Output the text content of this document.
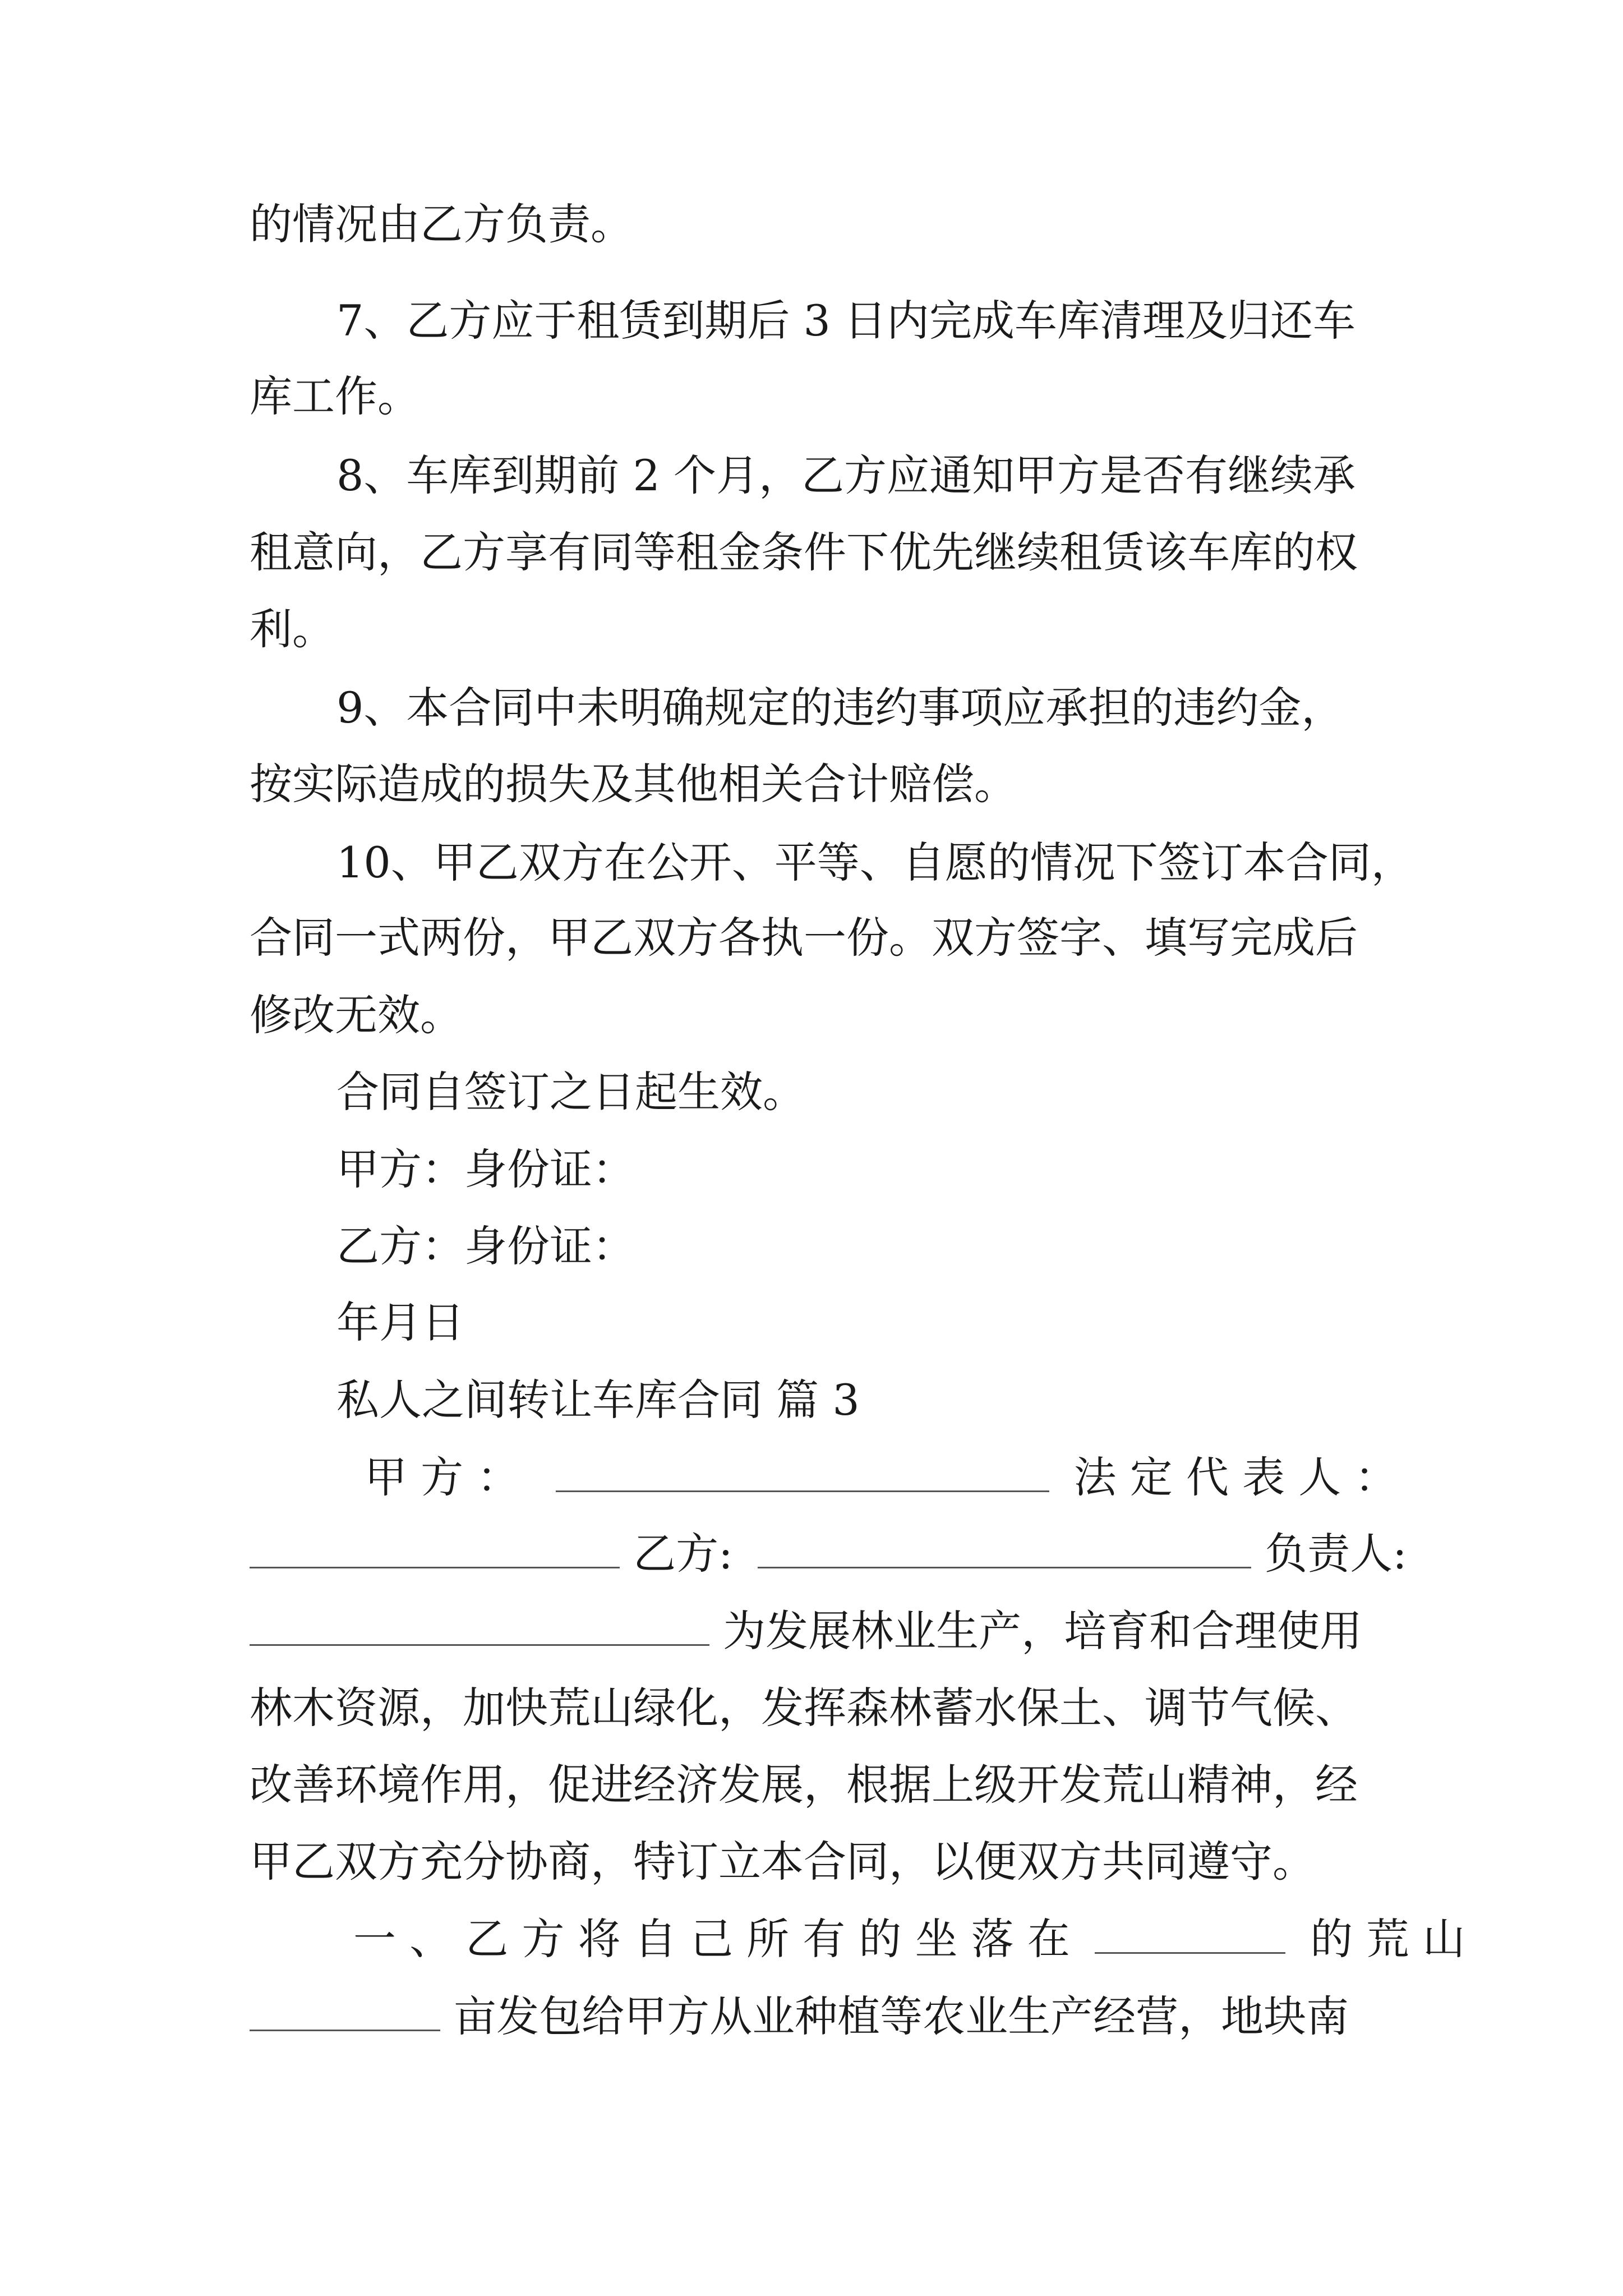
的情况由乙方负责。
7、乙方应于租赁到期后 3 日内完成车库清理及归还车
库工作。
8、车库到期前 2 个月，乙方应通知甲方是否有继续承
租意向，乙方享有同等租金条件下优先继续租赁该车库的权
利。
9、本合同中未明确规定的违约事项应承担的违约金，
按实际造成的损失及其他相关合计赔偿。
10、甲乙双方在公开、平等、自愿的情况下签订本合同，
合同一式两份，甲乙双方各执一份。双方签字、填写完成后
修改无效。
合同自签订之日起生效。
甲方：身份证：
乙方：身份证：
年月日
私人之间转让车库合同 篇 3
甲 方 ：	法 定 代 表 人 ：
乙方:	负责人:
为发展林业生产，培育和合理使用
林木资源，加快荒山绿化，发挥森林蓄水保土、调节气候、
改善环境作用，促进经济发展，根据上级开发荒山精神，经
甲乙双方充分协商，特订立本合同，以便双方共同遵守。
一 、 乙 方 将 自 己 所 有 的 坐 落 在	的 荒 山
亩发包给甲方从业种植等农业生产经营，地块南
